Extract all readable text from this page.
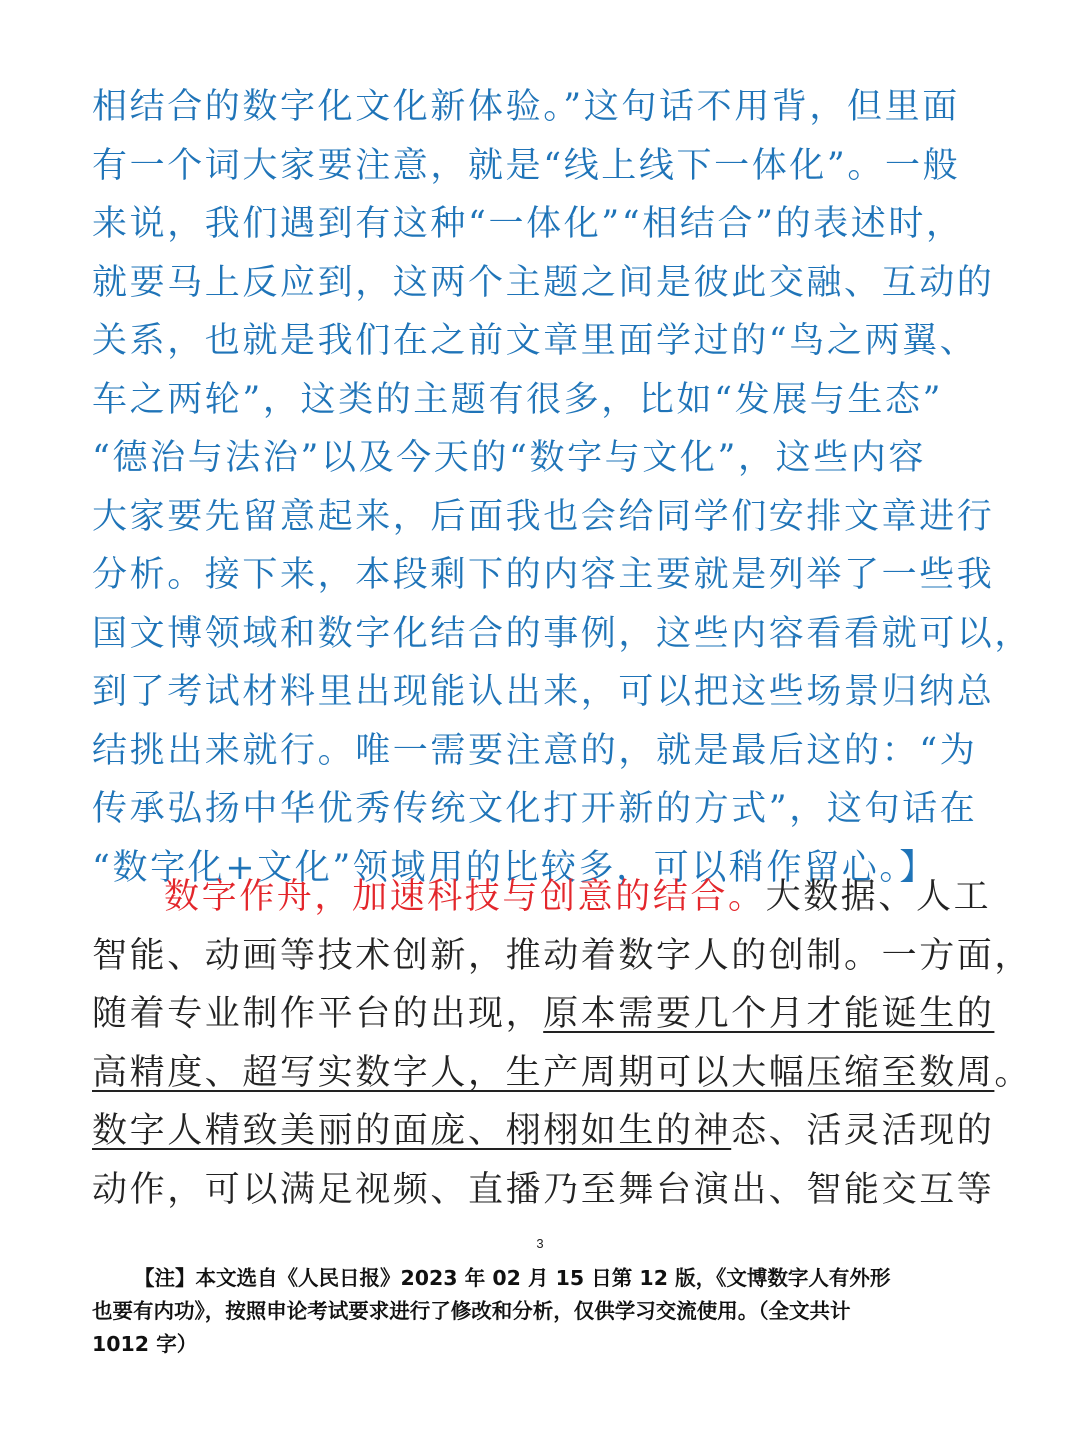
相结合的数字化文化新体验。”这句话不用背，但里面
有一个词大家要注意，就是“线上线下一体化”。一般
来说，我们遇到有这种“一体化”“相结合”的表述时，
就要马上反应到，这两个主题之间是彼此交融、互动的
关系，也就是我们在之前文章里面学过的“鸟之两翼、
车之两轮”，这类的主题有很多，比如“发展与生态”
“德治与法治”以及今天的“数字与文化”，这些内容
大家要先留意起来，后面我也会给同学们安排文章进行
分析。接下来，本段剩下的内容主要就是列举了一些我
国文博领域和数字化结合的事例，这些内容看看就可以，
到了考试材料里出现能认出来，可以把这些场景归纳总
结挑出来就行。唯一需要注意的，就是最后这的：“为
传承弘扬中华优秀传统文化打开新的方式”，这句话在
“数字化+文化”领域用的比较多，可以稍作留心。】
数字作舟，加速科技与创意的结合。大数据、人工
智能、动画等技术创新，推动着数字人的创制。一方面，
随着专业制作平台的出现，原本需要几个月才能诞生的
高精度、超写实数字人，生产周期可以大幅压缩至数周。
数字人精致美丽的面庞、栩栩如生的神态、活灵活现的
动作，可以满足视频、直播乃至舞台演出、智能交互等
3
【注】本文选自《人民日报》2023 年 02 月 15 日第 12 版，《文博数字人有外形
也要有内功》，按照申论考试要求进行了修改和分析，仅供学习交流使用。（全文共计
1012 字）
